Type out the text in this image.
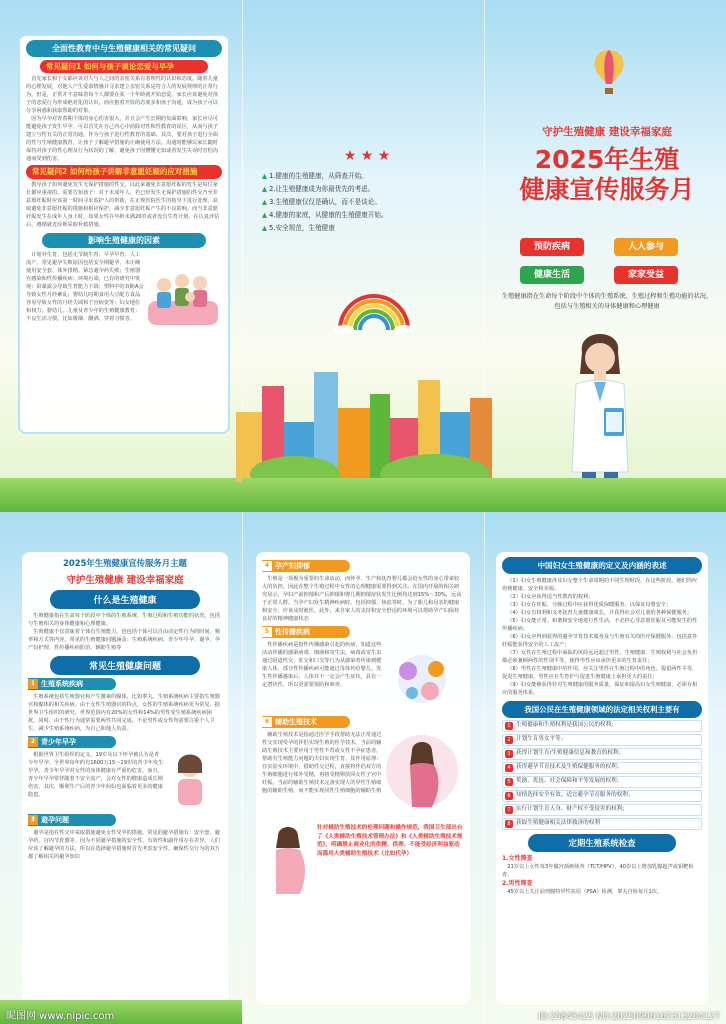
全面性教育中与生殖健康相关的常见疑问
常见疑问1 如何与孩子谈论恋爱与早孕

首先家长和子女都应该对人与人之间的亲密关系有着理性的认识和态度。随着儿童的心理发展，对他人产生爱慕情感并寻求建立亲密关系是符合人的发展规律的正常行为。但是，正常并不意味着每个人都要在某一个年龄就开始恋爱。家长应该避免对孩子的恋爱行为形成绝对化的认识，而应抱着开放的态度多和孩子沟通，成为孩子可以分享困惑和获取帮助的对象。

因为早孕对青春期个体的身心伤害很大，并且会产生长期的负面影响，家长应尽可能避免孩子发生早孕。可以首先在自己内心中消除对性和性教育的误区，从而与孩子建立与性有关的正常沟通，作为与孩子进行性教育的基础。其次，要对孩子进行全面的性与生殖健康教育，让孩子了解避孕措施的正确使用方法。沟通时能够以家长随时保持对孩子的性心理及行为状况的了解，避免孩子因懵懂无知或者发生失误时害怕沟通而受到伤害。

常见疑问2 如何给孩子讲解非意愿妊娠的应对措施

教导孩子如何避免发生无保护措施的性交，以此来避免非意愿妊娠的发生是每位家长都应重视的。需要告知孩子：对于未成年人，若已经发生无保护措施的性交乃至非意愿妊娠时应该第一时间寻求监护人的帮助，在正规医院医生的指导下进行处理。获取避免非意愿妊娠的措施和相应保护，减少非意愿妊娠产生的不良影响。而当非意愿妊娠发生在成年人身上时，如果女性在年龄未满20岁或者没有生育计划，在认真评估后，遵循就近原则采取补救措施。

影响生殖健康的因素

计划外生育，包括无节制生育、早孕早育；人工流产，常见避孕失败原因包括安全期避孕、未正确使用安全套、体外排精、紧急避孕药失败；生殖器官感染和性传播疾病；环境污染，已有的研究中发现：铅暴露会导致生育能力下降；塑料中的双酚A会导致女性月经紊乱；婴幼儿时期食用大豆配方食品容易导致女性的月经失调和子宫病变等；妇女地位和权力；婴幼儿、儿童及青少年的生殖健康教育；不良生活习惯，比如吸烟、酗酒、穿着习惯等。

★ ★ ★
▲ 1.健康的生殖健康，从筛查开始。
▲ 2.让生殖健康成为你最优先的考虑。
▲ 3.生殖健康仅仅是确认，而不是谈论。
▲ 4.健康的家庭，从健康的生殖健康开始。
▲ 5.安全规范，生殖健康
守护生殖健康 建设幸福家庭
2025年生殖
健康宣传服务月
预防疾病	人人参与
健康生活	家家受益
生殖健康指在生命每个阶段中个体的生殖系统、生殖过程和生殖功能的状况，包括与生殖相关的身体健康和心理健康
2025年生殖健康宣传服务月主题
守护生殖健康 建设幸福家庭
什么是生殖健康

生殖健康指在生命每个阶段中个体的生殖系统、生殖过程和生殖功能的状况，包括与生殖相关的身体健康和心理健康。

生殖健康不仅意味着个体有生殖能力，也包括个体可以自由决定性行为的时间、频率和方式等内容。常见的生殖健康问题涵盖：生殖系统疾病、青少年早孕、避孕、孕产妇护理、性传播疾病防治、辅助生殖等

常见生殖健康问题
1 生殖系统疾病

生殖系统包括生殖器官和产生激素的腺体，比如睾丸。生殖系统疾病主要指生殖器官和腺体的相关疾病。由于女性生殖器官的特点，女性的生殖系统疾病更为常见，据世界卫生组织的研究，世界范围内有20%的女性和14%的男性受生殖系统疾病困扰。同时，由于性行为通常需要两性共同完成，不论男性或女性均需要注重个人卫生，减少生殖系统疾病，为自己和他人负责。

2 青少年早孕

根据世界卫生组织的定义，19岁及以下怀孕被认为是青少年早孕。全世界每年约有1600万15～19岁的青少年发生早孕。青少年早孕对女性的身体健康有严重的危害，而且，青少年早孕常伴随着不安全流产，会对女性的健康造成长期伤害。其次，顺利生产后的青少年妈妈也面临着更多的健康隐患。

3 避孕问题

避孕是指在性交中采取措施避免女性受孕的措施。常见的避孕措施有：安全套、避孕药、宫内节育器等。因为不同避孕措施的安全性、有效性和副作用存在差异，人们应该了解避孕的方法，所以在选择避孕措施时首先考虑安全性，确保性交行为的双方都了解相关的避孕知识

4 孕产妇抑郁

生殖是一项极为重要的生命活动，而怀孕、生产和抚育婴儿都会给女性的身心带来较大的负担。因此在整个生殖过程中女性的心理健康需要得到关注。在国内开展的相关研究显示，孕妇产前抑郁和产后抑郁和婴儿期抑郁症状发生比例均达到15%～30%，远高于正常人群。当孕产妇发生精神疾病时，包括抑郁、焦虑等时，为了胎儿和母亲的健康和安全，应该及时就医。此外，来自家人的支持和安全舒适的环境可以帮助孕产妇保持良好的精神健康状态

5 性传播疾病

性传播疾病是指性传播感染引起的疾病，知道这些活动传播的感染病毒、细菌和寄生虫，病毒或寄生虫通过阴道性交、肛交和口交等行为从感染者传染到健康人体，部分性传播疾病可能通过母体传给婴儿。发生性传播感染后，人体并不一定会产生症状，具有一定潜伏性，所以更需要预防和筛查。

6 辅助生殖技术

辅助生殖技术是指通过医学手段帮助无法正常通过性交实现受孕的伴侣实现生殖的医学技术。当前的辅助生殖技术主要应用于男性不育或女性不孕症患者，帮助有生殖能力问题的夫妇实现生育。其作用原理：在实验室环境中，借助性交过程，直接将伴侣双方的生殖细胞进行体外受精，再将受精卵放回女性子宫中妊娠。当前的辅助生殖技术完备实现人的异性生殖细胞的辅助生殖，而不能实现同性生殖细胞的辅助生殖

针对辅助生殖技术的伦理问题和操作规范，我国卫生部出台了《人类辅助生殖技术管理办法》和《人类辅助生殖技术规范》，明确禁止商业化的供精、供卵、不能受经济利益驱动而滥用人类辅助生殖技术（比如代孕）

中国妇女生殖健康的定义及内涵的表述

（1）妇女生殖健康涉及妇女整个生命周期的不同生理时段，在这些阶段，她们均应得到健康、安全和幸福；

（2）妇女应获得适当性教育的权利；

（3）妇女在妊娠、分娩过程中应获得优质保健服务，以保证母婴安全；

（4）妇女有权利和义务抚育儿童健康成长，并获得社会对儿童的各种保健服务；

（5）妇女能正常、和谐和安全地进行性生活，不必担心非意愿妊娠及可能发生的性传播疾病；

（6）妇女应得到获得的避孕节育技术服务及与生殖有关的医疗保健服务，包括意外妊娠能获得安全的人工流产；

（7）女性在生殖过程中面临的风险远远超过男性，生殖健康、生殖权利与社会负担都必须兼顾两性的性别平等，使得男性应该承担更多的生育责任；

（8）男性在生殖健康中的作用，应关注男性在生殖过程中的角色，提倡两性平等，促进生殖健康，男性应在生育护与促进生殖健康上承担更大的责任；

（9）妇女能够获得针对生殖健康的服务质量，保证和提高妇女生殖健康，必须有相应的服务体系。

我国公民在生殖健康领域的法定相关权利主要有
1 生殖健康和生殖权利是我国公民的权利；
2 计划生育男女平等；
3 获得计划生育/生殖健康信息和教育的权利；
4 获得避孕节育技术及生殖保健服务的权利；
5 奖励、优抚、社会保障和平等发展的权利；
6 知情选择安全有效、适宜避孕节育服务的权利；
7 实行计划生育人身、财产权不受侵害的权利；
8 获取生殖健康相关法律救济的权利
定期生殖系统检查
1.女性筛查

21岁以上女性每3年做宫颈癌筛查（TCT/HPV），40岁以上增加乳腺超声或钼靶检查。

2.男性筛查

45岁以上关注前列腺特异性抗原（PSA）检测，睾丸自检每月1次。

昵图网 www.nipic.com	ID:25845425 NO:20250906162313204127
